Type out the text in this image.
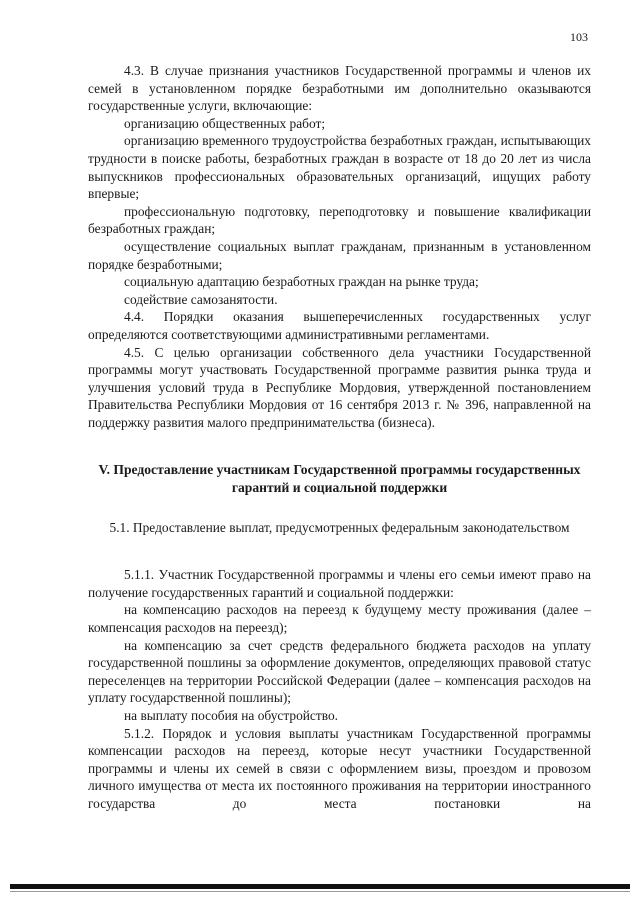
103

4.3. В случае признания участников Государственной программы и членов их семей в установленном порядке безработными им дополнительно оказываются государственные услуги, включающие:

организацию общественных работ;

организацию временного трудоустройства безработных граждан, испытывающих трудности в поиске работы, безработных граждан в возрасте от 18 до 20 лет из числа выпускников профессиональных образовательных организаций, ищущих работу впервые;

профессиональную подготовку, переподготовку и повышение квалификации безработных граждан;

осуществление социальных выплат гражданам, признанным в установленном порядке безработными;

социальную адаптацию безработных граждан на рынке труда;

содействие самозанятости.

4.4. Порядки оказания вышеперечисленных государственных услуг определяются соответствующими административными регламентами.

4.5. С целью организации собственного дела участники Государственной программы могут участвовать Государственной программе развития рынка труда и улучшения условий труда в Республике Мордовия, утвержденной постановлением Правительства Республики Мордовия от 16 сентября 2013 г. № 396, направленной на поддержку развития малого предпринимательства (бизнеса).

V. Предоставление участникам Государственной программы государственных гарантий и социальной поддержки
5.1. Предоставление выплат, предусмотренных федеральным законодательством

5.1.1. Участник Государственной программы и члены его семьи имеют право на получение государственных гарантий и социальной поддержки:

на компенсацию расходов на переезд к будущему месту проживания (далее – компенсация расходов на переезд);

на компенсацию за счет средств федерального бюджета расходов на уплату государственной пошлины за оформление документов, определяющих правовой статус переселенцев на территории Российской Федерации (далее – компенсация расходов на уплату государственной пошлины);

на выплату пособия на обустройство.

5.1.2. Порядок и условия выплаты участникам Государственной программы компенсации расходов на переезд, которые несут участники Государственной программы и члены их семей в связи с оформлением визы, проездом и провозом личного имущества от места их постоянного проживания на территории иностранного государства до места постановки на
